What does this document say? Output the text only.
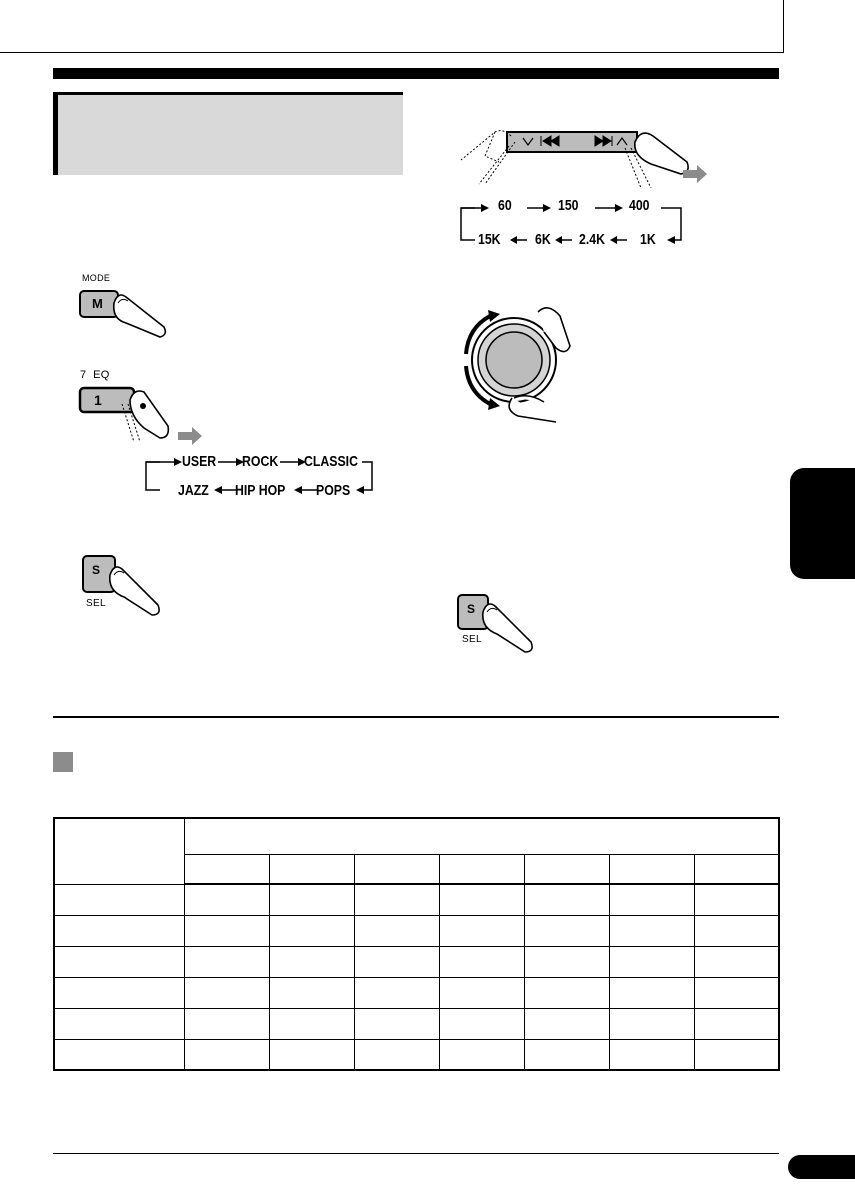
MODE
M
7  EQ
1
USER ROCK CLASSIC
JAZZ HIP HOP POPS
S
SEL
60	150	400
15K 6K 2.4K 1K
S
SEL
